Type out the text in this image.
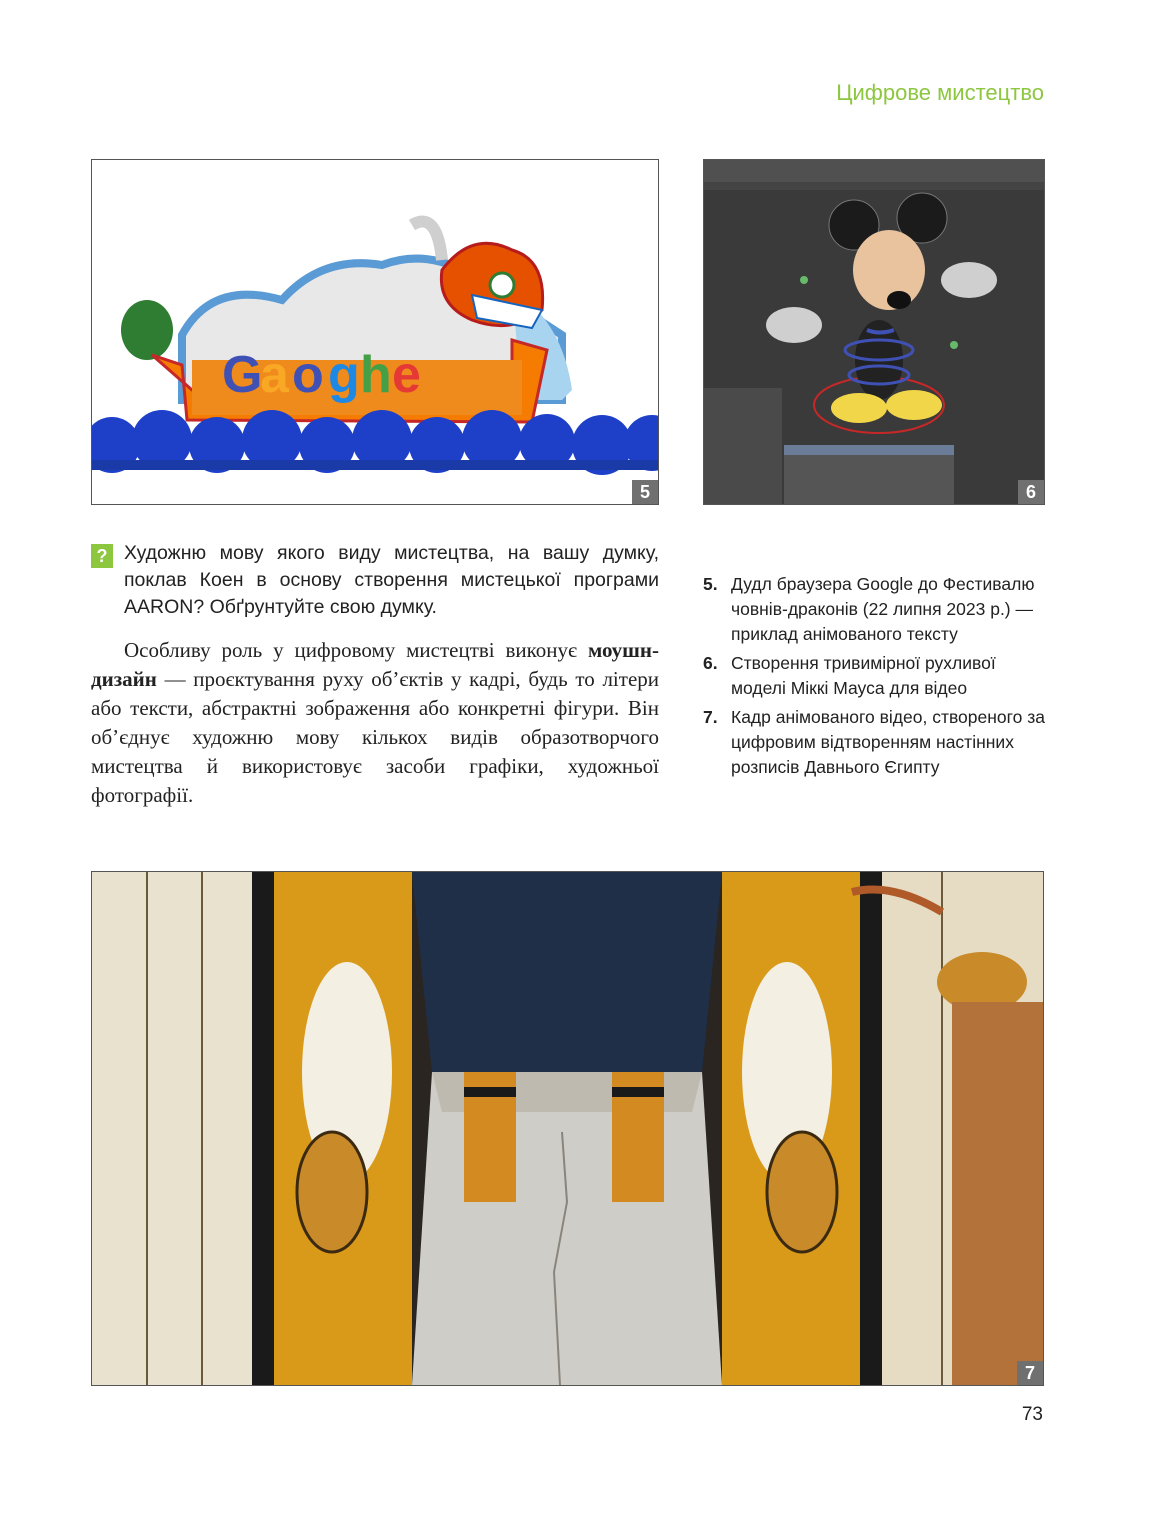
Цифрове мистецтво
G
a o g h e
5	6
? Художню мову якого виду мистецтва, на вашу думку, поклав Коен в основу створення мистецької програми AARON? Обґрунтуйте свою думку.

Особливу роль у цифровому мистецтві виконує моушн-дизайн — проєктування руху об’єктів у кадрі, будь то літери або тексти, абстрактні зображення або конкретні фігури. Він об’єднує художню мову кількох видів образотворчого мистецтва й використовує засоби графіки, художньої фотографії.

5. Дудл браузера Google до Фестивалю човнів-драконів (22 липня 2023 р.) — приклад анімованого тексту
6. Створення тривимірної рухливої моделі Міккі Мауса для відео
7. Кадр анімованого відео, створеного за цифровим відтворенням настінних розписів Давнього Єгипту
7
73
